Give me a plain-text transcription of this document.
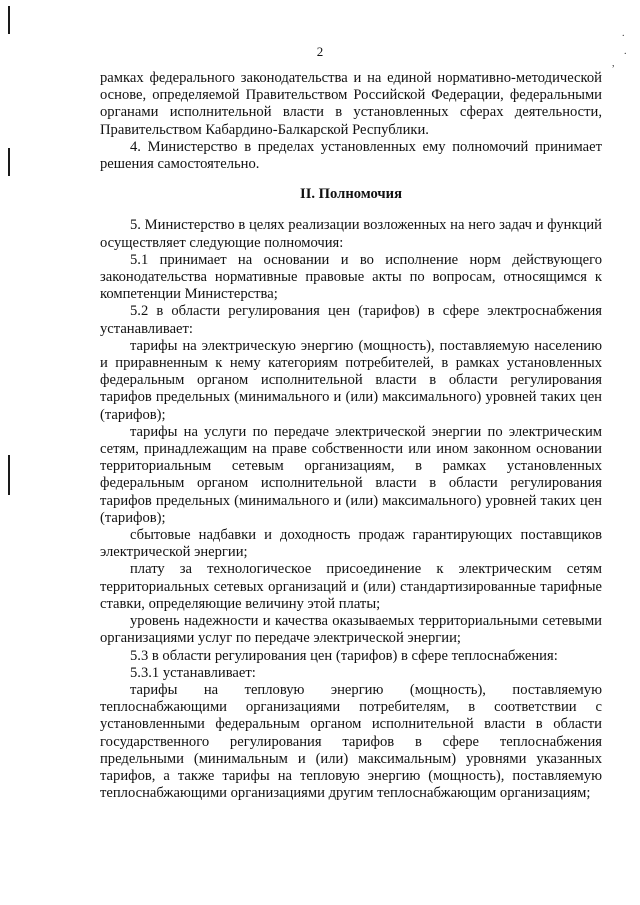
.
.
,
2

рамках федерального законодательства и на единой нормативно-методической основе, определяемой Правительством Российской Федерации, федеральными органами исполнительной власти в установленных сферах деятельности, Правительством Кабардино-Балкарской Республики.

4. Министерство в пределах установленных ему полномочий принимает решения самостоятельно.

II. Полномочия

5. Министерство в целях реализации возложенных на него задач и функций осуществляет следующие полномочия:

5.1 принимает на основании и во исполнение норм действующего законодательства нормативные правовые акты по вопросам, относящимся к компетенции Министерства;

5.2 в области регулирования цен (тарифов) в сфере электроснабжения устанавливает:

тарифы на электрическую энергию (мощность), поставляемую населению и приравненным к нему категориям потребителей, в рамках установленных федеральным органом исполнительной власти в области регулирования тарифов предельных (минимального и (или) максимального) уровней таких цен (тарифов);

тарифы на услуги по передаче электрической энергии по электрическим сетям, принадлежащим на праве собственности или ином законном основании территориальным сетевым организациям, в рамках установленных федеральным органом исполнительной власти в области регулирования тарифов предельных (минимального и (или) максимального) уровней таких цен (тарифов);

сбытовые надбавки и доходность продаж гарантирующих поставщиков электрической энергии;

плату за технологическое присоединение к электрическим сетям территориальных сетевых организаций и (или) стандартизированные тарифные ставки, определяющие величину этой платы;

уровень надежности и качества оказываемых территориальными сетевыми организациями услуг по передаче электрической энергии;

5.3 в области регулирования цен (тарифов) в сфере теплоснабжения:

5.3.1 устанавливает:

тарифы на тепловую энергию (мощность), поставляемую теплоснабжающими организациями потребителям, в соответствии с установленными федеральным органом исполнительной власти в области государственного регулирования тарифов в сфере теплоснабжения предельными (минимальным и (или) максимальным) уровнями указанных тарифов, а также тарифы на тепловую энергию (мощность), поставляемую теплоснабжающими организациями другим теплоснабжающим организациям;
